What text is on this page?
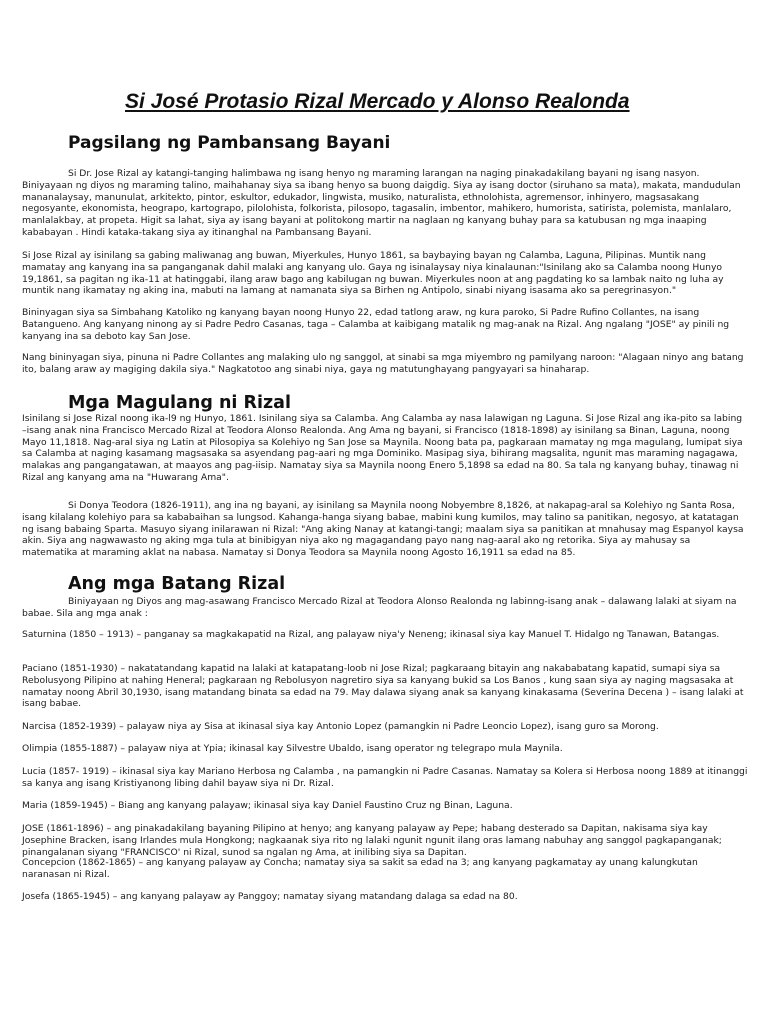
Si José Protasio Rizal Mercado y Alonso Realonda
Pagsilang ng Pambansang Bayani

Si Dr. Jose Rizal ay katangi-tanging halimbawa ng isang henyo ng maraming larangan na naging pinakadakilang bayani ng isang nasyon. Biniyayaan ng diyos ng maraming talino, maihahanay siya sa ibang henyo sa buong daigdig. Siya ay isang doctor (siruhano sa mata), makata, mandudulan mananalaysay, manunulat, arkitekto, pintor, eskultor, edukador, lingwista, musiko, naturalista, ethnolohista, agremensor, inhinyero, magsasakang negosyante, ekonomista, heograpo, kartograpo, pilolohista, folkorista, pilosopo, tagasalin, imbentor, mahikero, humorista, satirista, polemista, manlalaro, manlalakbay, at propeta. Higit sa lahat, siya ay isang bayani at politokong martir na naglaan ng kanyang buhay para sa katubusan ng mga inaaping kababayan . Hindi kataka-takang siya ay itinanghal na Pambansang Bayani.

Si Jose Rizal ay isinilang sa gabing maliwanag ang buwan, Miyerkules, Hunyo 1861, sa baybaying bayan ng Calamba, Laguna, Pilipinas. Muntik nang mamatay ang kanyang ina sa panganganak dahil malaki ang kanyang ulo. Gaya ng isinalaysay niya kinalaunan:"Isinilang ako sa Calamba noong Hunyo 19,1861, sa pagitan ng ika-11 at hatinggabi, ilang araw bago ang kabilugan ng buwan. Miyerkules noon at ang pagdating ko sa lambak naito ng luha ay muntik nang ikamatay ng aking ina, mabuti na lamang at namanata siya sa Birhen ng Antipolo, sinabi niyang isasama ako sa peregrinasyon."

Bininyagan siya sa Simbahang Katoliko ng kanyang bayan noong Hunyo 22, edad tatlong araw, ng kura paroko, Si Padre Rufino Collantes, na isang Batangueno. Ang kanyang ninong ay si Padre Pedro Casanas, taga – Calamba at kaibigang matalik ng mag-anak na Rizal. Ang ngalang "JOSE" ay pinili ng kanyang ina sa deboto kay San Jose.

Nang bininyagan siya, pinuna ni Padre Collantes ang malaking ulo ng sanggol, at sinabi sa mga miyembro ng pamilyang naroon: "Alagaan ninyo ang batang ito, balang araw ay magiging dakila siya." Nagkatotoo ang sinabi niya, gaya ng matutunghayang pangyayari sa hinaharap.

Mga Magulang ni Rizal

Isinilang si Jose Rizal noong ika-l9 ng Hunyo, 1861. Isinilang siya sa Calamba. Ang Calamba ay nasa lalawigan ng Laguna. Si Jose Rizal ang ika-pito sa labing –isang anak nina Francisco Mercado Rizal at Teodora Alonso Realonda. Ang Ama ng bayani, si Francisco (1818-1898) ay isinilang sa Binan, Laguna, noong Mayo 11,1818. Nag-aral siya ng Latin at Pilosopiya sa Kolehiyo ng San Jose sa Maynila. Noong bata pa, pagkaraan mamatay ng mga magulang, lumipat siya sa Calamba at naging kasamang magsasaka sa asyendang pag-aari ng mga Dominiko. Masipag siya, bihirang magsalita, ngunit mas maraming nagagawa, malakas ang pangangatawan, at maayos ang pag-iisip. Namatay siya sa Maynila noong Enero 5,1898 sa edad na 80. Sa tala ng kanyang buhay, tinawag ni Rizal ang kanyang ama na "Huwarang Ama".

Si Donya Teodora (1826-1911), ang ina ng bayani, ay isinilang sa Maynila noong Nobyembre 8,1826, at nakapag-aral sa Kolehiyo ng Santa Rosa, isang kilalang kolehiyo para sa kababaihan sa lungsod. Kahanga-hanga siyang babae, mabini kung kumilos, may talino sa panitikan, negosyo, at katatagan ng isang babaing Sparta. Masuyo siyang inilarawan ni Rizal: "Ang aking Nanay at katangi-tangi; maalam siya sa panitikan at mnahusay mag Espanyol kaysa akin. Siya ang nagwawasto ng aking mga tula at binibigyan niya ako ng magagandang payo nang nag-aaral ako ng retorika. Siya ay mahusay sa matematika at maraming aklat na nabasa. Namatay si Donya Teodora sa Maynila noong Agosto 16,1911 sa edad na 85.

Ang mga Batang Rizal

Biniyayaan ng Diyos ang mag-asawang Francisco Mercado Rizal at Teodora Alonso Realonda ng labinng-isang anak – dalawang lalaki at siyam na babae. Sila ang mga anak :

Saturnina (1850 – 1913) – panganay sa magkakapatid na Rizal, ang palayaw niya'y Neneng; ikinasal siya kay Manuel T. Hidalgo ng Tanawan, Batangas.

Paciano (1851-1930) – nakatatandang kapatid na lalaki at katapatang-loob ni Jose Rizal; pagkaraang bitayin ang nakababatang kapatid, sumapi siya sa Rebolusyong Pilipino at nahing Heneral; pagkaraan ng Rebolusyon nagretiro siya sa kanyang bukid sa Los Banos , kung saan siya ay naging magsasaka at namatay noong Abril 30,1930, isang matandang binata sa edad na 79. May dalawa siyang anak sa kanyang kinakasama (Severina Decena ) – isang lalaki at isang babae.

Narcisa (1852-1939) – palayaw niya ay Sisa at ikinasal siya kay Antonio Lopez (pamangkin ni Padre Leoncio Lopez), isang guro sa Morong.

Olimpia (1855-1887) – palayaw niya at Ypia; ikinasal kay Silvestre Ubaldo, isang operator ng telegrapo mula Maynila.

Lucia (1857- 1919) – ikinasal siya kay Mariano Herbosa ng Calamba , na pamangkin ni Padre Casanas. Namatay sa Kolera si Herbosa noong 1889 at itinanggi sa kanya ang isang Kristiyanong libing dahil bayaw siya ni Dr. Rizal.

Maria (1859-1945) – Biang ang kanyang palayaw; ikinasal siya kay Daniel Faustino Cruz ng Binan, Laguna.

JOSE (1861-1896) – ang pinakadakilang bayaning Pilipino at henyo; ang kanyang palayaw ay Pepe; habang desterado sa Dapitan, nakisama siya kay Josephine Bracken, isang Irlandes mula Hongkong; nagkaanak siya rito ng lalaki ngunit ngunit ilang oras lamang nabuhay ang sanggol pagkapanganak; pinangalanan siyang "FRANCISCO' ni Rizal, sunod sa ngalan ng Ama, at inilibing siya sa Dapitan.

Concepcion (1862-1865) – ang kanyang palayaw ay Concha; namatay siya sa sakit sa edad na 3; ang kanyang pagkamatay ay unang kalungkutan naranasan ni Rizal.

Josefa (1865-1945) – ang kanyang palayaw ay Panggoy; namatay siyang matandang dalaga sa edad na 80.
